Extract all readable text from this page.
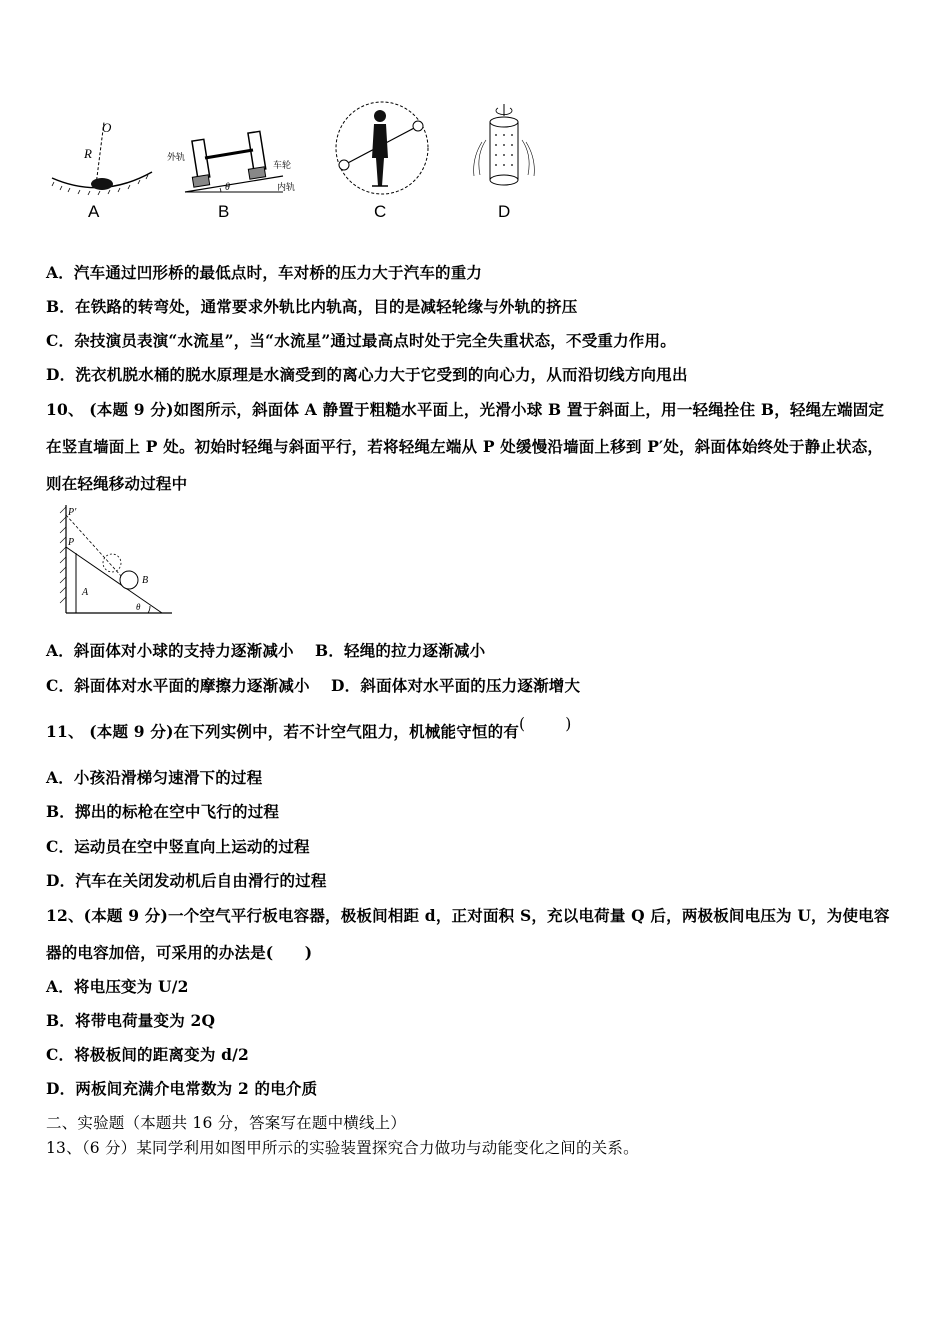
O
R
A
θ
外轨
车轮
内轨
B	C	D
A．汽车通过凹形桥的最低点时，车对桥的压力大于汽车的重力
B．在铁路的转弯处，通常要求外轨比内轨高，目的是减轻轮缘与外轨的挤压
C．杂技演员表演“水流星”，当“水流星”通过最高点时处于完全失重状态，不受重力作用。
D．洗衣机脱水桶的脱水原理是水滴受到的离心力大于它受到的向心力，从而沿切线方向甩出
10、 (本题 9 分)如图所示，斜面体 A 静置于粗糙水平面上，光滑小球 B 置于斜面上，用一轻绳拴住 B，轻绳左端固定
在竖直墙面上 P 处。初始时轻绳与斜面平行，若将轻绳左端从 P 处缓慢沿墙面上移到 P′处，斜面体始终处于静止状态，
则在轻绳移动过程中
P′
P
B
A
θ
A．斜面体对小球的支持力逐渐减小　 B．轻绳的拉力逐渐减小
C．斜面体对水平面的摩擦力逐渐减小　 D．斜面体对水平面的压力逐渐增大
11、 (本题 9 分)在下列实例中，若不计空气阻力，机械能守恒的有(	)
A．小孩沿滑梯匀速滑下的过程
B．掷出的标枪在空中飞行的过程
C．运动员在空中竖直向上运动的过程
D．汽车在关闭发动机后自由滑行的过程
12、(本题 9 分)一个空气平行板电容器，极板间相距 d，正对面积 S，充以电荷量 Q 后，两极板间电压为 U，为使电容
器的电容加倍，可采用的办法是(　　)
A．将电压变为 U/2
B．将带电荷量变为 2Q
C．将极板间的距离变为 d/2
D．两板间充满介电常数为 2 的电介质
二、实验题（本题共 16 分，答案写在题中横线上）
13、（6 分）某同学利用如图甲所示的实验装置探究合力做功与动能变化之间的关系。
